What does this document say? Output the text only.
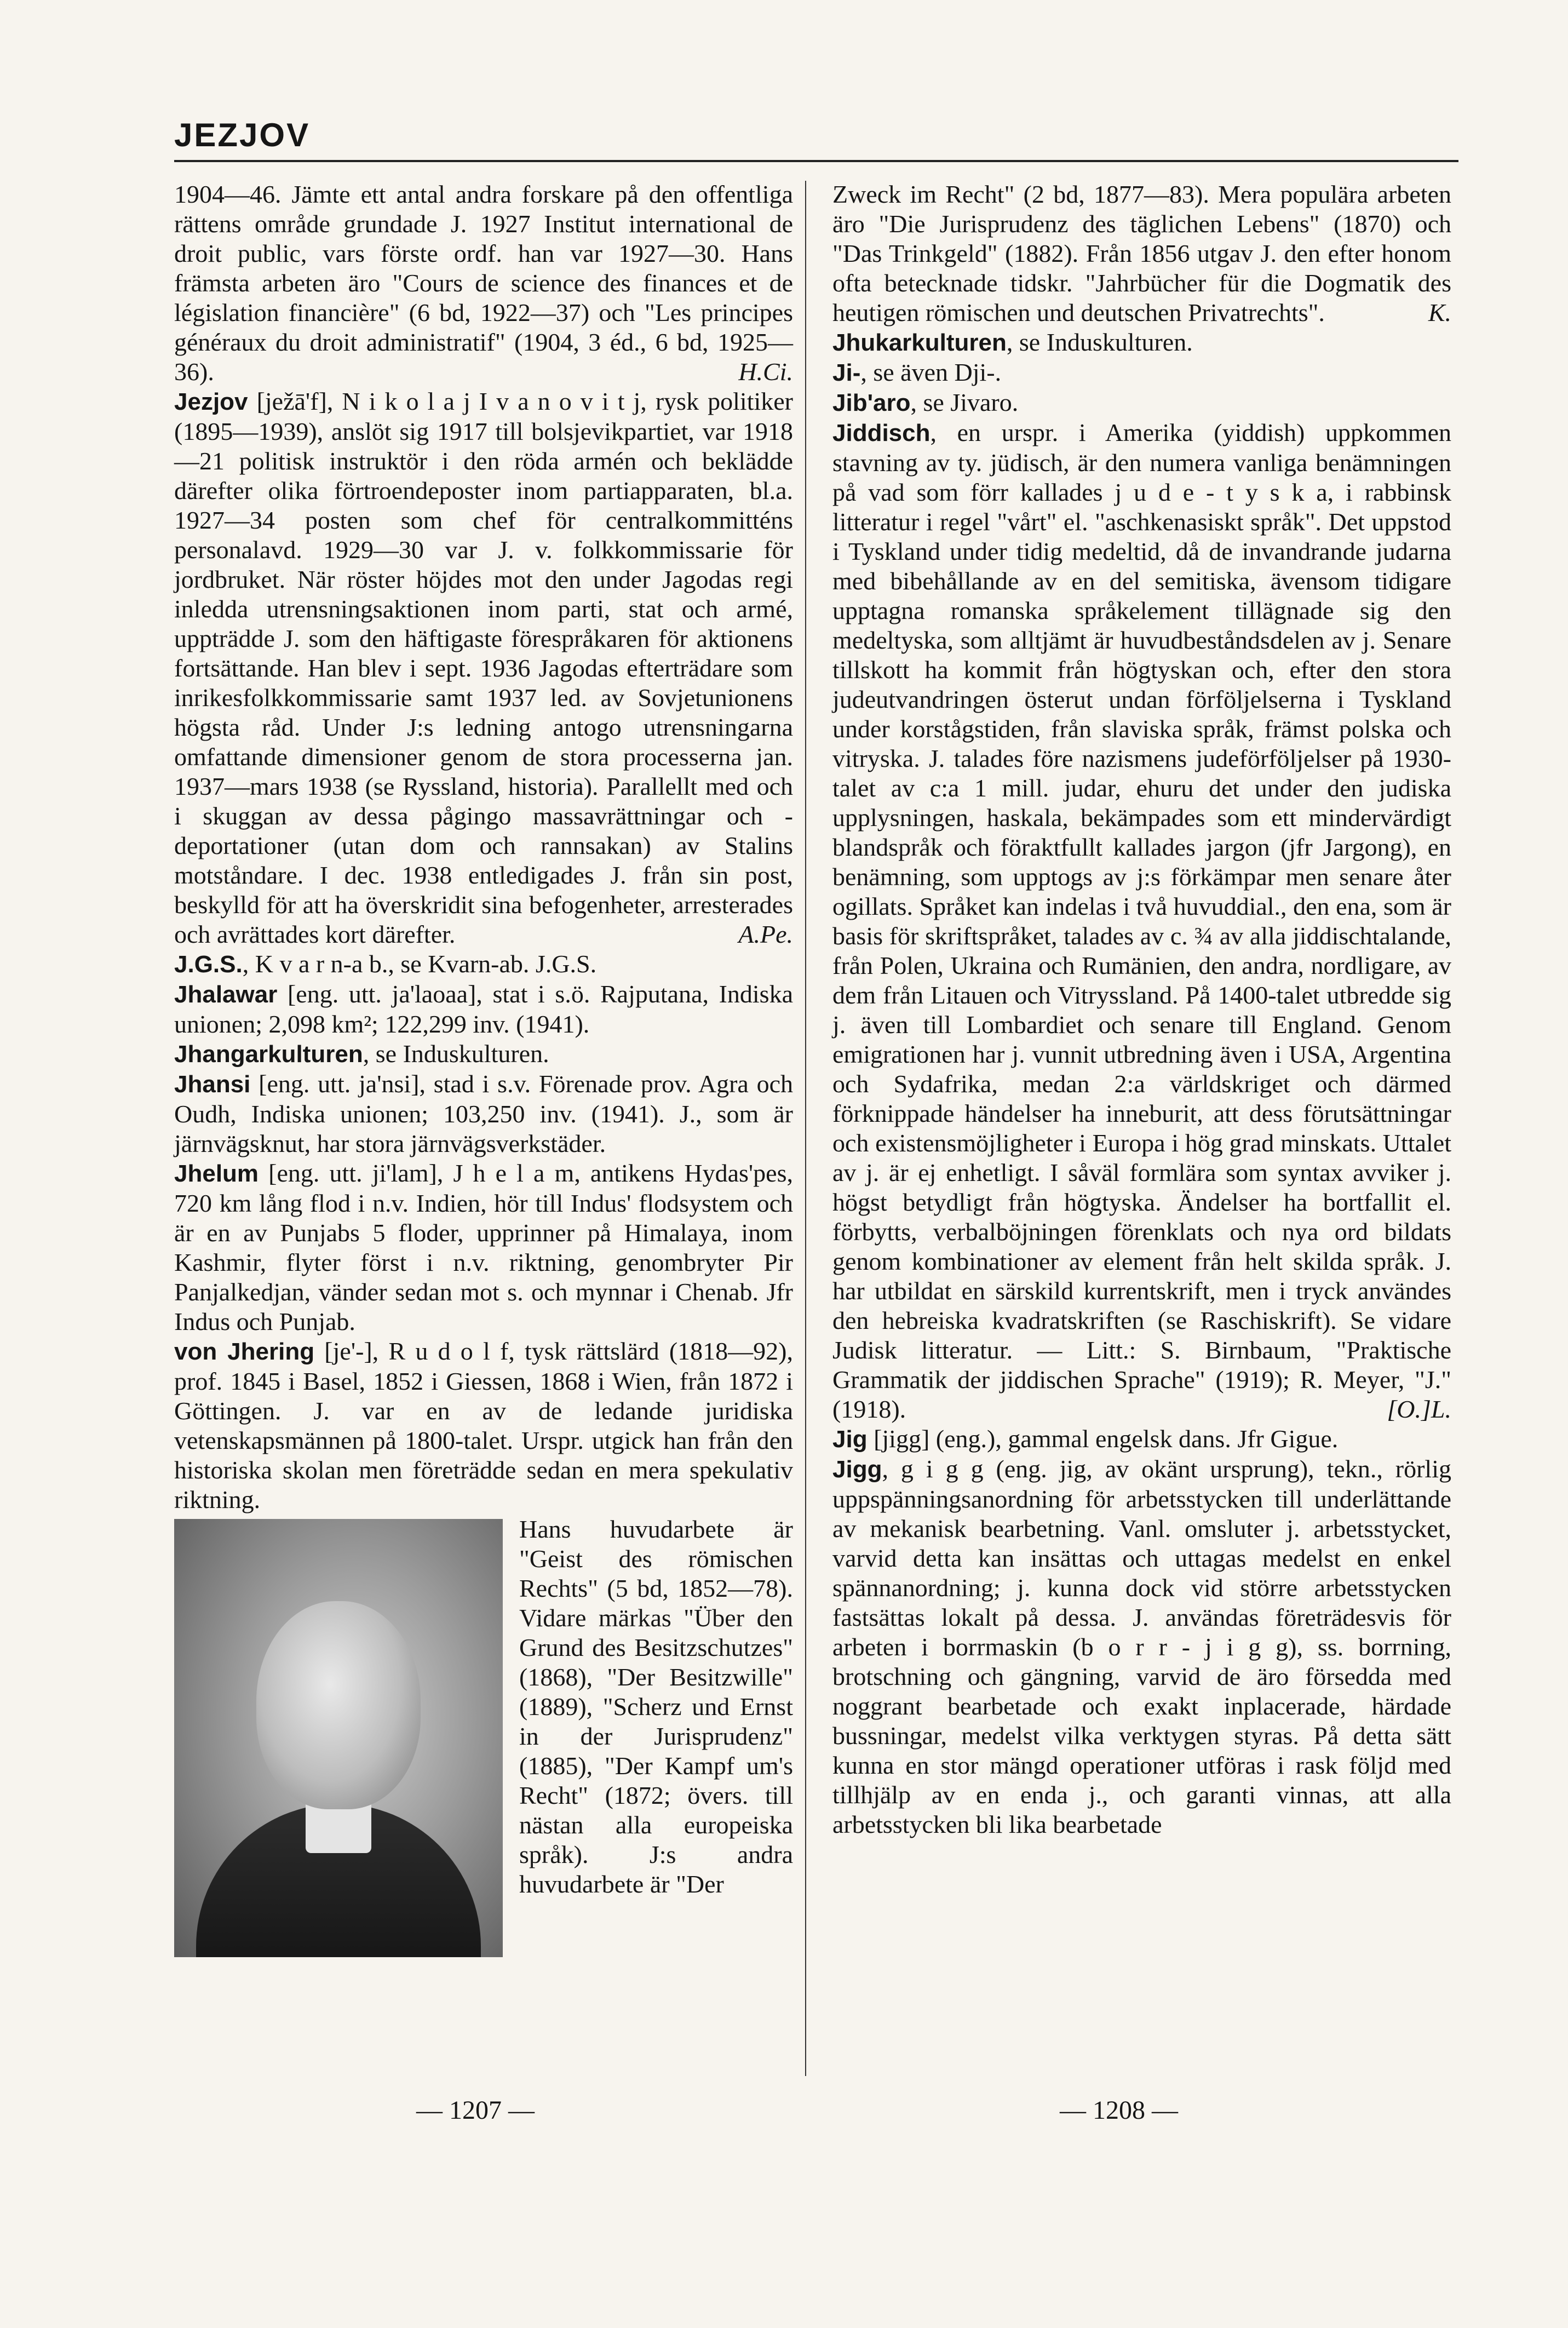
JEZJOV

1904—46. Jämte ett antal andra forskare på den offentliga rättens område grundade J. 1927 Institut international de droit public, vars förste ordf. han var 1927—30. Hans främsta arbeten äro "Cours de science des finances et de législation financière" (6 bd, 1922—37) och "Les principes généraux du droit administratif" (1904, 3 éd., 6 bd, 1925—36).	H.Ci.

Jezjov [ježā'f], N i k o l a j I v a n o v i t j, rysk politiker (1895—1939), anslöt sig 1917 till bolsjevikpartiet, var 1918—21 politisk instruktör i den röda armén och beklädde därefter olika förtroendeposter inom partiapparaten, bl.a. 1927—34 posten som chef för centralkommitténs personalavd. 1929—30 var J. v. folkkommissarie för jordbruket. När röster höjdes mot den under Jagodas regi inledda utrensningsaktionen inom parti, stat och armé, uppträdde J. som den häftigaste förespråkaren för aktionens fortsättande. Han blev i sept. 1936 Jagodas efterträdare som inrikesfolkkommissarie samt 1937 led. av Sovjetunionens högsta råd. Under J:s ledning antogo utrensningarna omfattande dimensioner genom de stora processerna jan. 1937—mars 1938 (se Ryssland, historia). Parallellt med och i skuggan av dessa pågingo massavrättningar och -deportationer (utan dom och rannsakan) av Stalins motståndare. I dec. 1938 entledigades J. från sin post, beskylld för att ha överskridit sina befogenheter, arresterades och avrättades kort därefter.	A.Pe.

J.G.S., K v a r n-a b., se Kvarn-ab. J.G.S.

Jhalawar [eng. utt. ja'laoaa], stat i s.ö. Rajputana, Indiska unionen; 2,098 km²; 122,299 inv. (1941).

Jhangarkulturen, se Induskulturen.

Jhansi [eng. utt. ja'nsi], stad i s.v. Förenade prov. Agra och Oudh, Indiska unionen; 103,250 inv. (1941). J., som är järnvägsknut, har stora järnvägsverkstäder.

Jhelum [eng. utt. ji'lam], J h e l a m, antikens Hydas'pes, 720 km lång flod i n.v. Indien, hör till Indus' flodsystem och är en av Punjabs 5 floder, upprinner på Himalaya, inom Kashmir, flyter först i n.v. riktning, genombryter Pir Panjalkedjan, vänder sedan mot s. och mynnar i Chenab. Jfr Indus och Punjab.

von Jhering [je'-], R u d o l f, tysk rättslärd (1818—92), prof. 1845 i Basel, 1852 i Giessen, 1868 i Wien, från 1872 i Göttingen. J. var en av de ledande juridiska vetenskapsmännen på 1800-talet. Urspr. utgick han från den historiska skolan men företrädde sedan en mera spekulativ riktning.

Hans huvudarbete är "Geist des römischen Rechts" (5 bd, 1852—78). Vidare märkas "Über den Grund des Besitzschutzes" (1868), "Der Besitzwille" (1889), "Scherz und Ernst in der Jurisprudenz" (1885), "Der Kampf um's Recht" (1872; övers. till nästan alla europeiska språk). J:s andra huvudarbete är "Der

Zweck im Recht" (2 bd, 1877—83). Mera populära arbeten äro "Die Jurisprudenz des täglichen Lebens" (1870) och "Das Trinkgeld" (1882). Från 1856 utgav J. den efter honom ofta betecknade tidskr. "Jahrbücher für die Dogmatik des heutigen römischen und deutschen Privatrechts".	K.

Jhukarkulturen, se Induskulturen.

Ji-, se även Dji-.

Jib'aro, se Jivaro.

Jiddisch, en urspr. i Amerika (yiddish) uppkommen stavning av ty. jüdisch, är den numera vanliga benämningen på vad som förr kallades j u d e - t y s k a, i rabbinsk litteratur i regel "vårt" el. "aschkenasiskt språk". Det uppstod i Tyskland under tidig medeltid, då de invandrande judarna med bibehållande av en del semitiska, ävensom tidigare upptagna romanska språkelement tillägnade sig den medeltyska, som alltjämt är huvudbeståndsdelen av j. Senare tillskott ha kommit från högtyskan och, efter den stora judeutvandringen österut undan förföljelserna i Tyskland under korstågstiden, från slaviska språk, främst polska och vitryska. J. talades före nazismens judeförföljelser på 1930-talet av c:a 1 mill. judar, ehuru det under den judiska upplysningen, haskala, bekämpades som ett mindervärdigt blandspråk och föraktfullt kallades jargon (jfr Jargong), en benämning, som upptogs av j:s förkämpar men senare åter ogillats. Språket kan indelas i två huvuddial., den ena, som är basis för skriftspråket, talades av c. ¾ av alla jiddischtalande, från Polen, Ukraina och Rumänien, den andra, nordligare, av dem från Litauen och Vitryssland. På 1400-talet utbredde sig j. även till Lombardiet och senare till England. Genom emigrationen har j. vunnit utbredning även i USA, Argentina och Sydafrika, medan 2:a världskriget och därmed förknippade händelser ha inneburit, att dess förutsättningar och existensmöjligheter i Europa i hög grad minskats. Uttalet av j. är ej enhetligt. I såväl formlära som syntax avviker j. högst betydligt från högtyska. Ändelser ha bortfallit el. förbytts, verbalböjningen förenklats och nya ord bildats genom kombinationer av element från helt skilda språk. J. har utbildat en särskild kurrentskrift, men i tryck användes den hebreiska kvadratskriften (se Raschiskrift). Se vidare Judisk litteratur. — Litt.: S. Birnbaum, "Praktische Grammatik der jiddischen Sprache" (1919); R. Meyer, "J." (1918).	[O.]L.

Jig [jigg] (eng.), gammal engelsk dans. Jfr Gigue.

Jigg, g i g g (eng. jig, av okänt ursprung), tekn., rörlig uppspänningsanordning för arbetsstycken till underlättande av mekanisk bearbetning. Vanl. omsluter j. arbetsstycket, varvid detta kan insättas och uttagas medelst en enkel spännanordning; j. kunna dock vid större arbetsstycken fastsättas lokalt på dessa. J. användas företrädesvis för arbeten i borrmaskin (b o r r - j i g g), ss. borrning, brotschning och gängning, varvid de äro försedda med noggrant bearbetade och exakt inplacerade, härdade bussningar, medelst vilka verktygen styras. På detta sätt kunna en stor mängd operationer utföras i rask följd med tillhjälp av en enda j., och garanti vinnas, att alla arbetsstycken bli lika bearbetade

— 1207 —	— 1208 —
